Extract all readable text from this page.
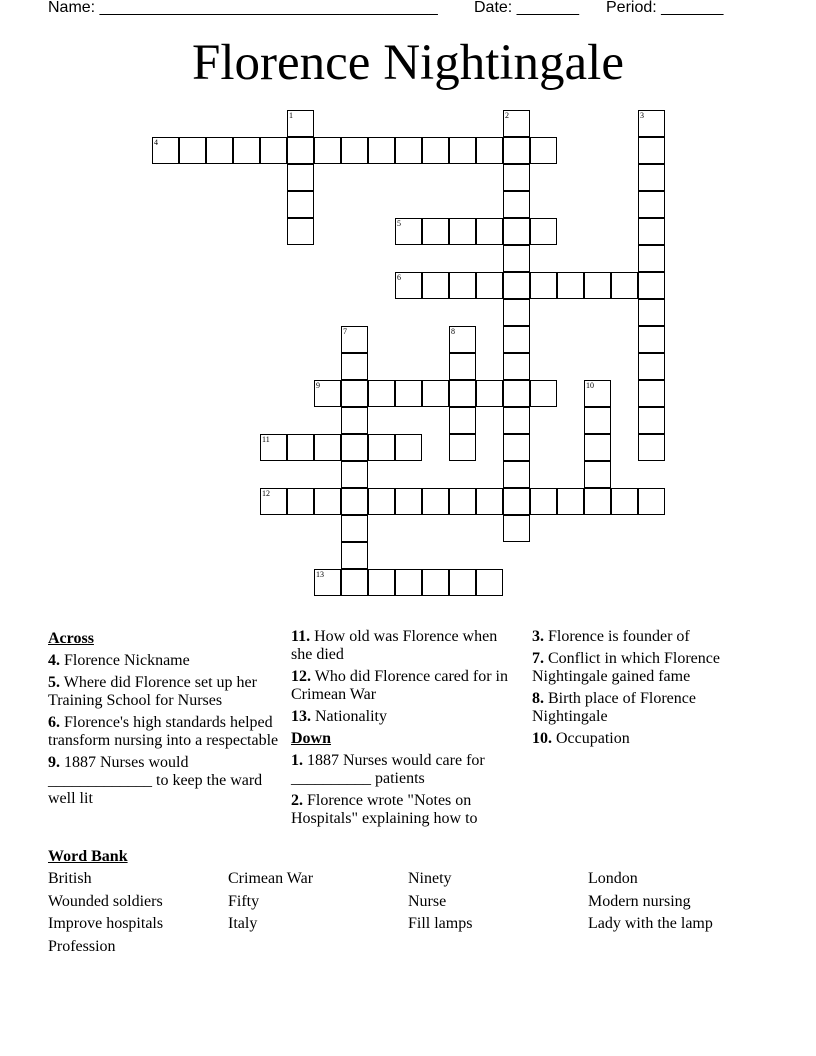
Name: ______________________________________ Date: _______ Period: _______
Florence Nightingale
1	2	3
4
5
6
7	8
9	10
11
12
13
Across
4. Florence Nickname
5. Where did Florence set up her Training School for Nurses
6. Florence's high standards helped transform nursing into a respectable
9. 1887 Nurses would _____________ to keep the ward well lit
11. How old was Florence when she died
12. Who did Florence cared for in Crimean War
13. Nationality
Down
1. 1887 Nurses would care for __________ patients
2. Florence wrote "Notes on Hospitals" explaining how to
3. Florence is founder of
7. Conflict in which Florence Nightingale gained fame
8. Birth place of Florence Nightingale
10. Occupation
Word Bank
British	Crimean War	Ninety	London
Wounded soldiers	Fifty	Nurse	Modern nursing
Improve hospitals	Italy	Fill lamps	Lady with the lamp
Profession
